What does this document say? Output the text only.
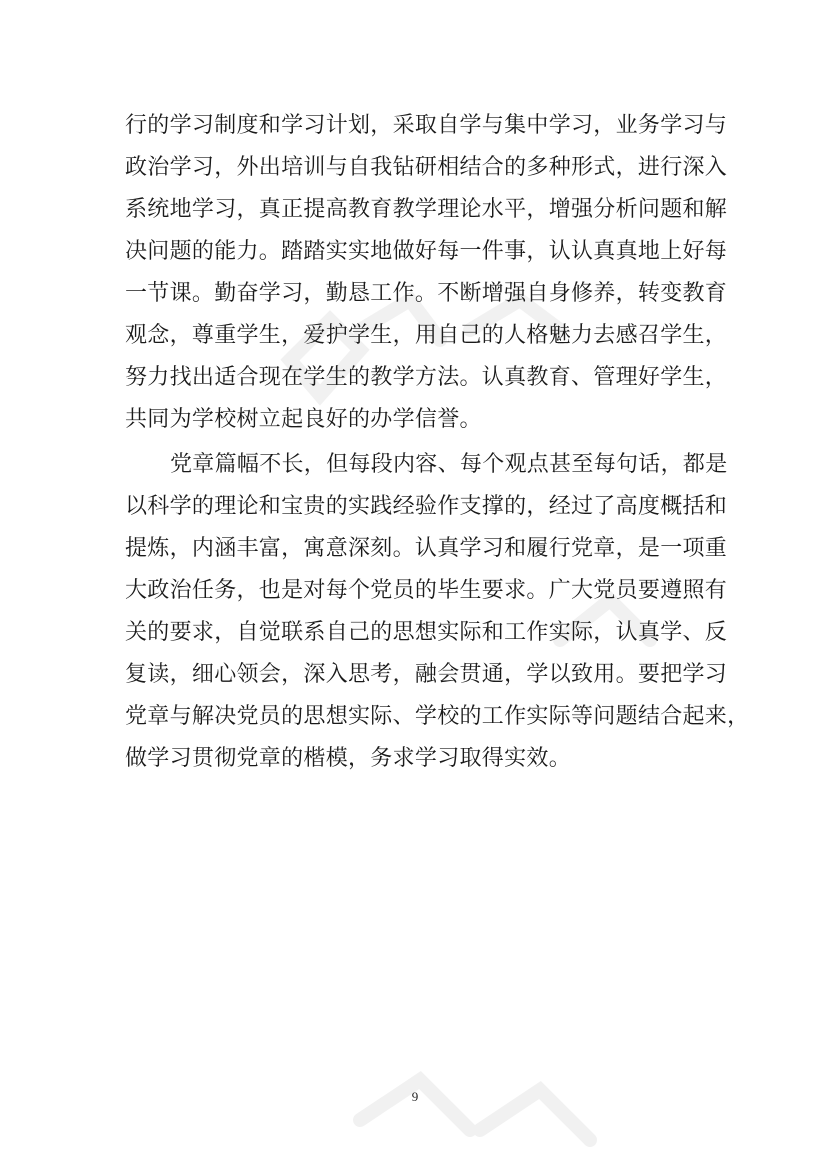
行的学习制度和学习计划，采取自学与集中学习，业务学习与
政治学习，外出培训与自我钻研相结合的多种形式，进行深入
系统地学习，真正提高教育教学理论水平，增强分析问题和解
决问题的能力。踏踏实实地做好每一件事，认认真真地上好每
一节课。勤奋学习，勤恳工作。不断增强自身修养，转变教育
观念，尊重学生，爱护学生，用自己的人格魅力去感召学生，
努力找出适合现在学生的教学方法。认真教育、管理好学生，
共同为学校树立起良好的办学信誉。
党章篇幅不长，但每段内容、每个观点甚至每句话，都是
以科学的理论和宝贵的实践经验作支撑的，经过了高度概括和
提炼，内涵丰富，寓意深刻。认真学习和履行党章，是一项重
大政治任务，也是对每个党员的毕生要求。广大党员要遵照有
关的要求，自觉联系自己的思想实际和工作实际，认真学、反
复读，细心领会，深入思考，融会贯通，学以致用。要把学习
党章与解决党员的思想实际、学校的工作实际等问题结合起来，
做学习贯彻党章的楷模，务求学习取得实效。
9
